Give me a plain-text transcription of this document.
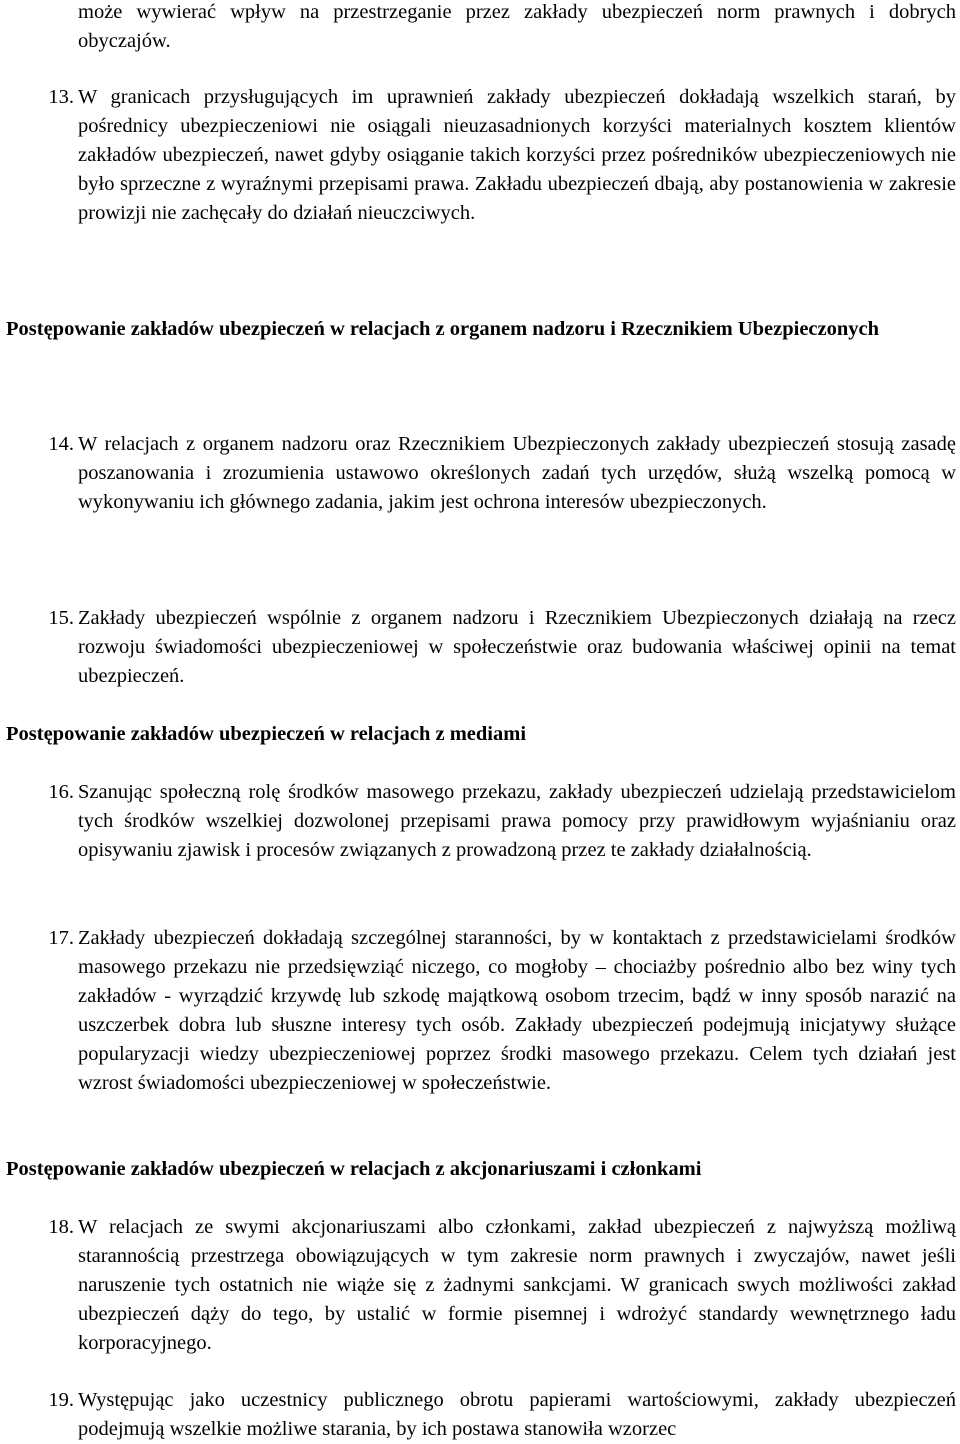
może wywierać wpływ na przestrzeganie przez zakłady ubezpieczeń norm prawnych i dobrych obyczajów.

13. W granicach przysługujących im uprawnień zakłady ubezpieczeń dokładają wszelkich starań, by pośrednicy ubezpieczeniowi nie osiągali nieuzasadnionych korzyści materialnych kosztem klientów zakładów ubezpieczeń, nawet gdyby osiąganie takich korzyści przez pośredników ubezpieczeniowych nie było sprzeczne z wyraźnymi przepisami prawa. Zakładu ubezpieczeń dbają, aby postanowienia w zakresie prowizji nie zachęcały do działań nieuczciwych.

Postępowanie zakładów ubezpieczeń w relacjach z organem nadzoru i Rzecznikiem Ubezpieczonych

14. W relacjach z organem nadzoru oraz Rzecznikiem Ubezpieczonych zakłady ubezpieczeń stosują zasadę poszanowania i zrozumienia ustawowo określonych zadań tych urzędów, służą wszelką pomocą w wykonywaniu ich głównego zadania, jakim jest ochrona interesów ubezpieczonych.
15. Zakłady ubezpieczeń wspólnie z organem nadzoru i Rzecznikiem Ubezpieczonych działają na rzecz rozwoju świadomości ubezpieczeniowej w społeczeństwie oraz budowania właściwej opinii na temat ubezpieczeń.

Postępowanie zakładów ubezpieczeń w relacjach z mediami

16. Szanując społeczną rolę środków masowego przekazu, zakłady ubezpieczeń udzielają przedstawicielom tych środków wszelkiej dozwolonej przepisami prawa pomocy przy prawidłowym wyjaśnianiu oraz opisywaniu zjawisk i procesów związanych z prowadzoną przez te zakłady działalnością.
17. Zakłady ubezpieczeń dokładają szczególnej staranności, by w kontaktach z przedstawicielami środków masowego przekazu nie przedsięwziąć niczego, co mogłoby – chociażby pośrednio albo bez winy tych zakładów - wyrządzić krzywdę lub szkodę majątkową osobom trzecim, bądź w inny sposób narazić na uszczerbek dobra lub słuszne interesy tych osób. Zakłady ubezpieczeń podejmują inicjatywy służące popularyzacji wiedzy ubezpieczeniowej poprzez środki masowego przekazu. Celem tych działań jest wzrost świadomości ubezpieczeniowej w społeczeństwie.

Postępowanie zakładów ubezpieczeń w relacjach z akcjonariuszami i członkami

18. W relacjach ze swymi akcjonariuszami albo członkami, zakład ubezpieczeń z najwyższą możliwą starannością przestrzega obowiązujących w tym zakresie norm prawnych i zwyczajów, nawet jeśli naruszenie tych ostatnich nie wiąże się z żadnymi sankcjami. W granicach swych możliwości zakład ubezpieczeń dąży do tego, by ustalić w formie pisemnej i wdrożyć standardy wewnętrznego ładu korporacyjnego.
19. Występując jako uczestnicy publicznego obrotu papierami wartościowymi, zakłady ubezpieczeń podejmują wszelkie możliwe starania, by ich postawa stanowiła wzorzec
